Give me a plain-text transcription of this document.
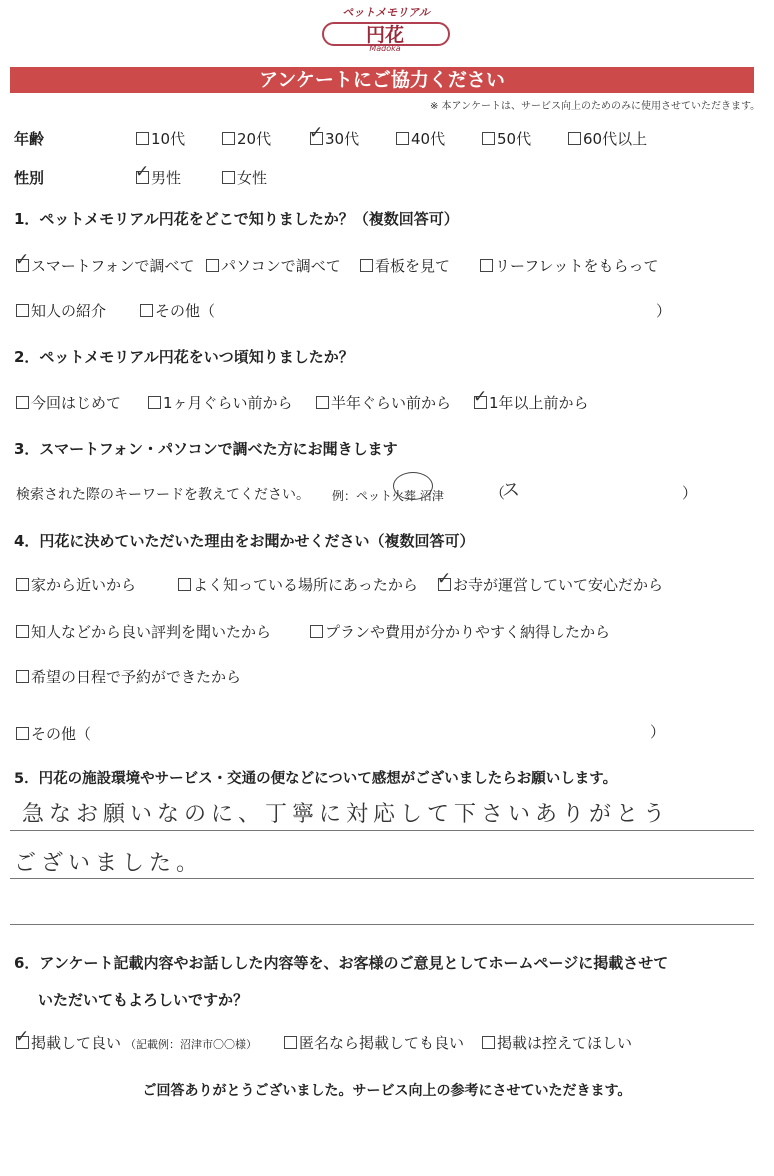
ペットメモリアル
円花
Madoka
アンケートにご協力ください
※ 本アンケートは、サービス向上のためのみに使用させていただきます。
年齢	10代	20代 ✓	30代	40代	50代	60代以上
性別 ✓	男性	女性
1．ペットメモリアル円花をどこで知りましたか？（複数回答可）
✓スマートフォンで調べて	パソコンで調べて	看板を見て	リーフレットをもらって
知人の紹介	その他（	）
2．ペットメモリアル円花をいつ頃知りましたか？
今回はじめて	1ヶ月ぐらい前から	半年ぐらい前から ✓	1年以上前から
3．スマートフォン・パソコンで調べた方にお聞きします
検索された際のキーワードを教えてください。 例：ペット火葬 沼津	（
ス	）
4．円花に決めていただいた理由をお聞かせください（複数回答可）
家から近いから	よく知っている場所にあったから ✓	お寺が運営していて安心だから
知人などから良い評判を聞いたから	プランや費用が分かりやすく納得したから
希望の日程で予約ができたから
その他（	）
5．円花の施設環境やサービス・交通の便などについて感想がございましたらお願いします。
急なお願いなのに、丁寧に対応して下さいありがとう
ございました。
6．アンケート記載内容やお話しした内容等を、お客様のご意見としてホームページに掲載させて
いただいてもよろしいですか？
✓掲載して良い （記載例：沼津市〇〇様）	匿名なら掲載しても良い	掲載は控えてほしい
ご回答ありがとうございました。サービス向上の参考にさせていただきます。
